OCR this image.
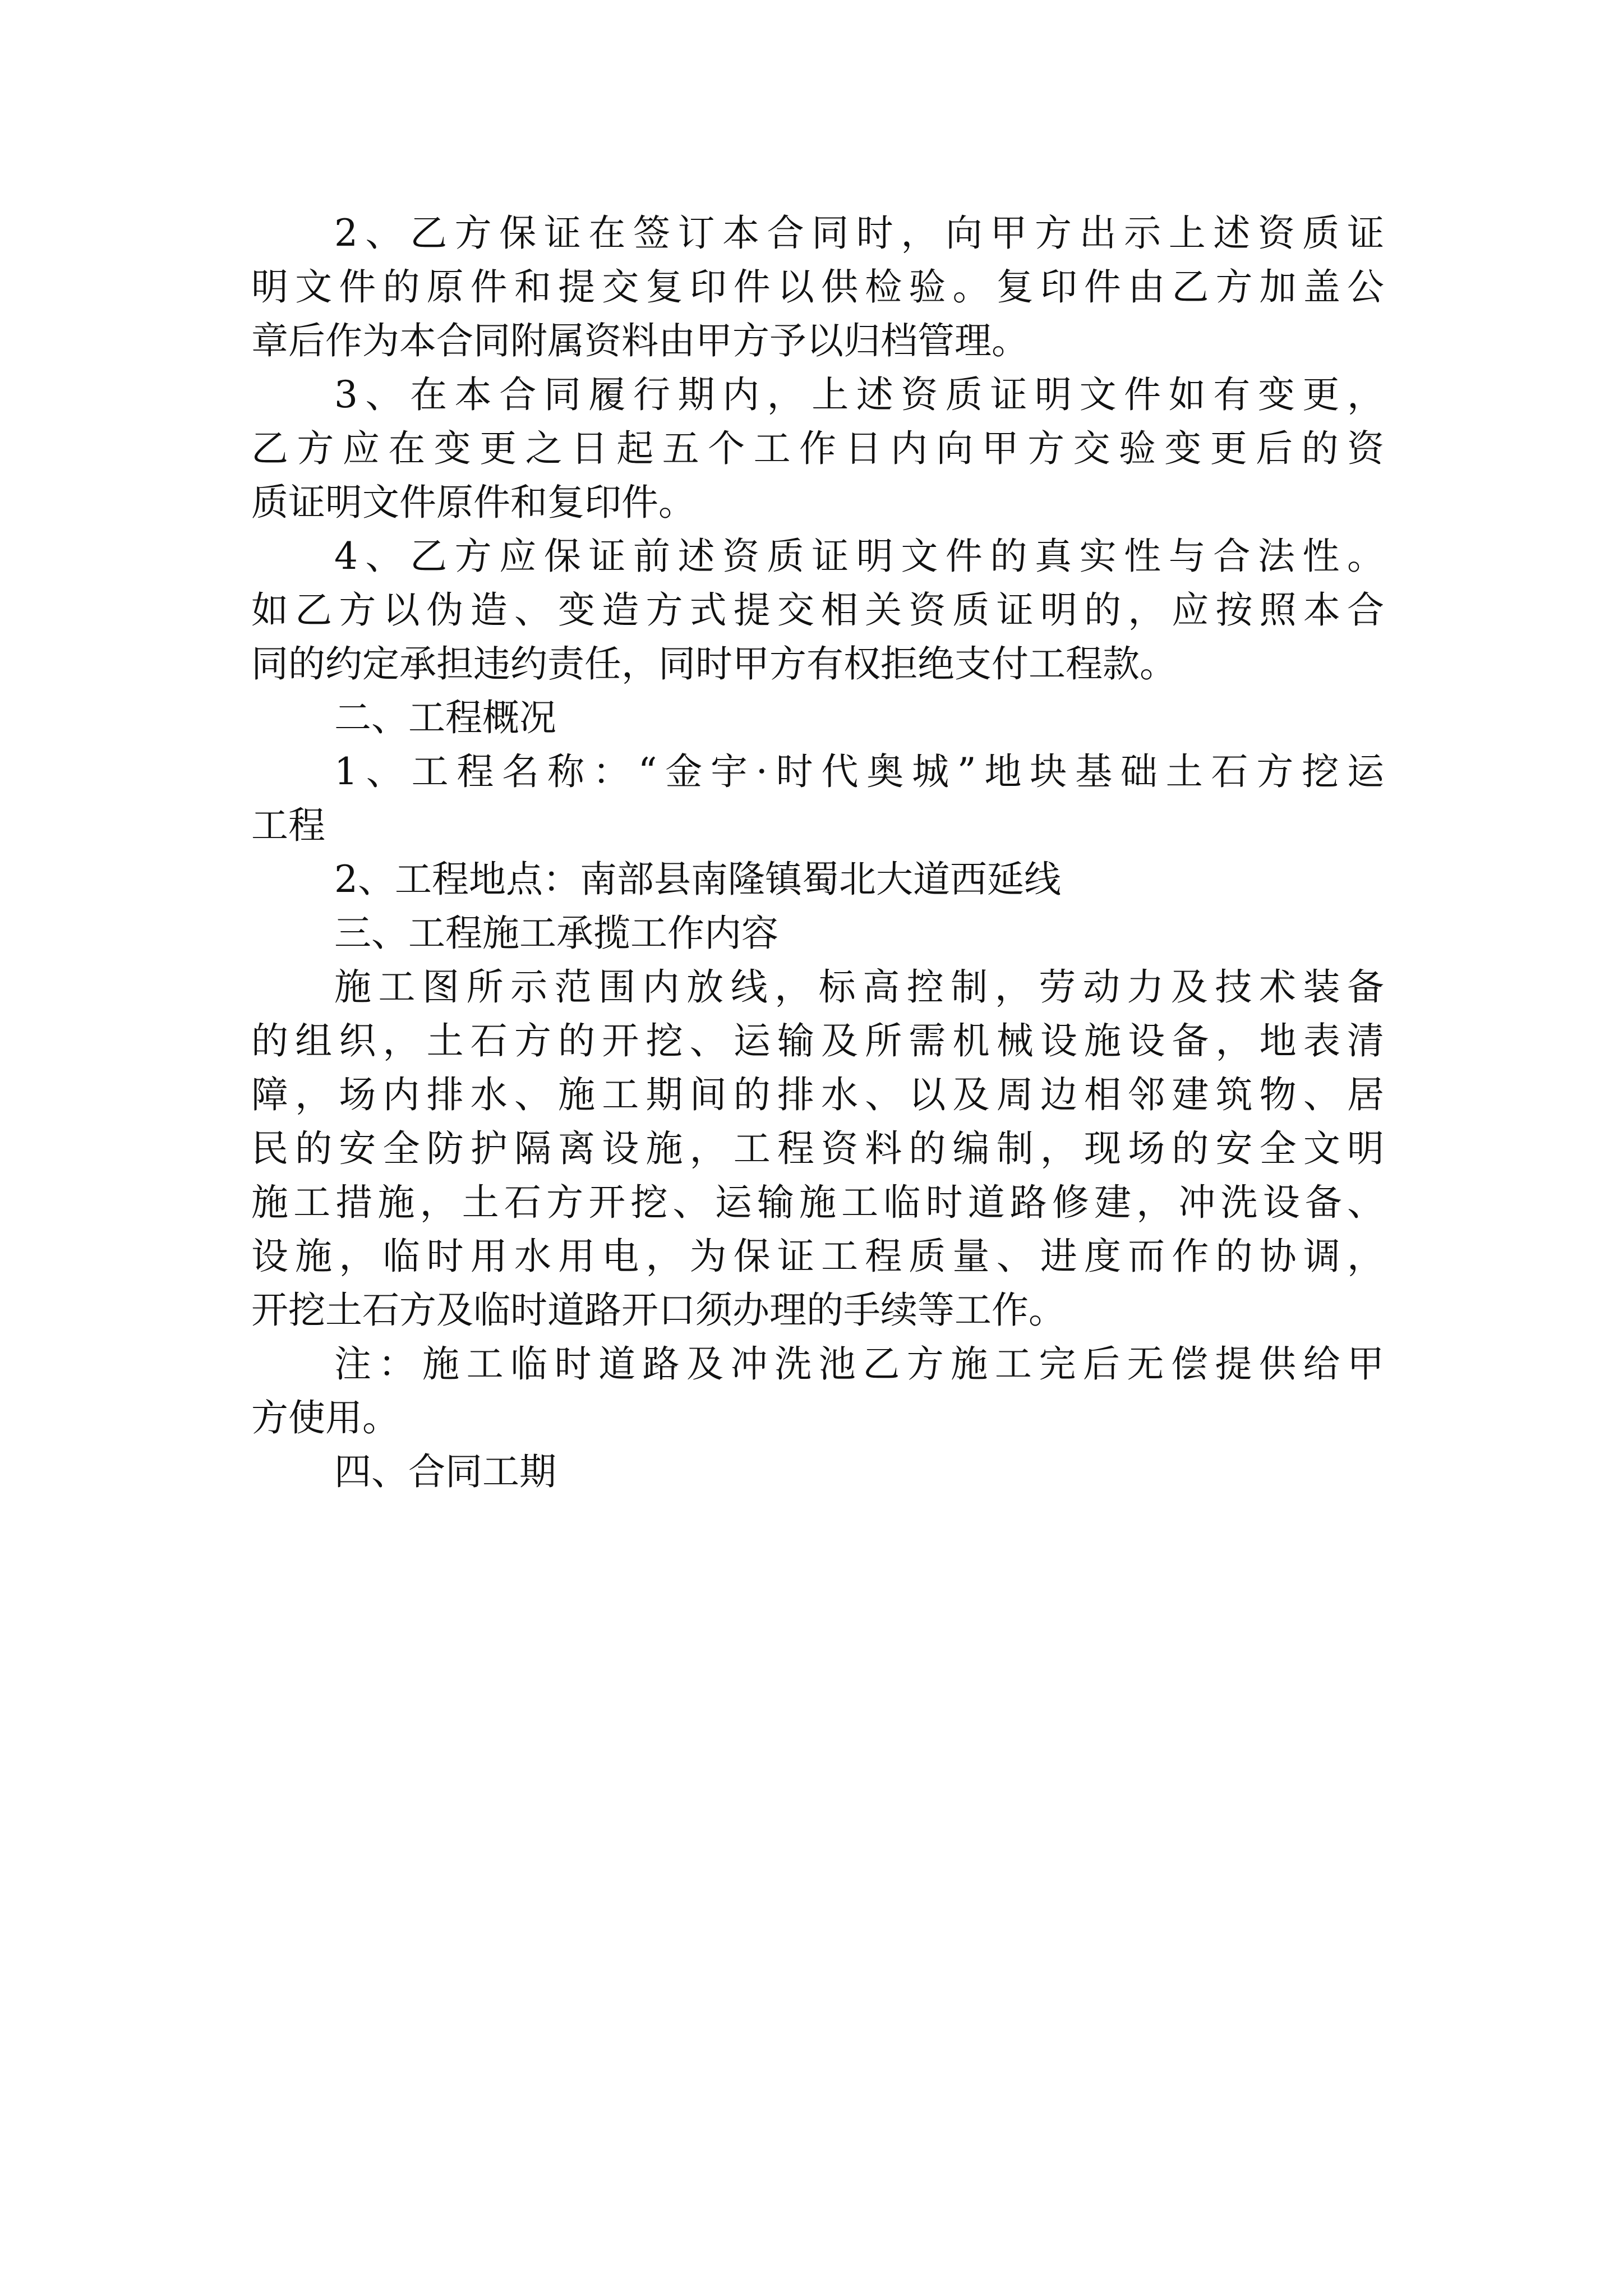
2、乙方保证在签订本合同时，向甲方出示上述资质证
明文件的原件和提交复印件以供检验。复印件由乙方加盖公
章后作为本合同附属资料由甲方予以归档管理。
3、在本合同履行期内，上述资质证明文件如有变更，
乙方应在变更之日起五个工作日内向甲方交验变更后的资
质证明文件原件和复印件。
4、乙方应保证前述资质证明文件的真实性与合法性。
如乙方以伪造、变造方式提交相关资质证明的，应按照本合
同的约定承担违约责任，同时甲方有权拒绝支付工程款。
二、工程概况
1、工程名称：“金宇·时代奥城”地块基础土石方挖运
工程
2、工程地点：南部县南隆镇蜀北大道西延线
三、工程施工承揽工作内容
施工图所示范围内放线，标高控制，劳动力及技术装备
的组织，土石方的开挖、运输及所需机械设施设备，地表清
障，场内排水、施工期间的排水、以及周边相邻建筑物、居
民的安全防护隔离设施，工程资料的编制，现场的安全文明
施工措施，土石方开挖、运输施工临时道路修建，冲洗设备、
设施，临时用水用电，为保证工程质量、进度而作的协调，
开挖土石方及临时道路开口须办理的手续等工作。
注：施工临时道路及冲洗池乙方施工完后无偿提供给甲
方使用。
四、合同工期
